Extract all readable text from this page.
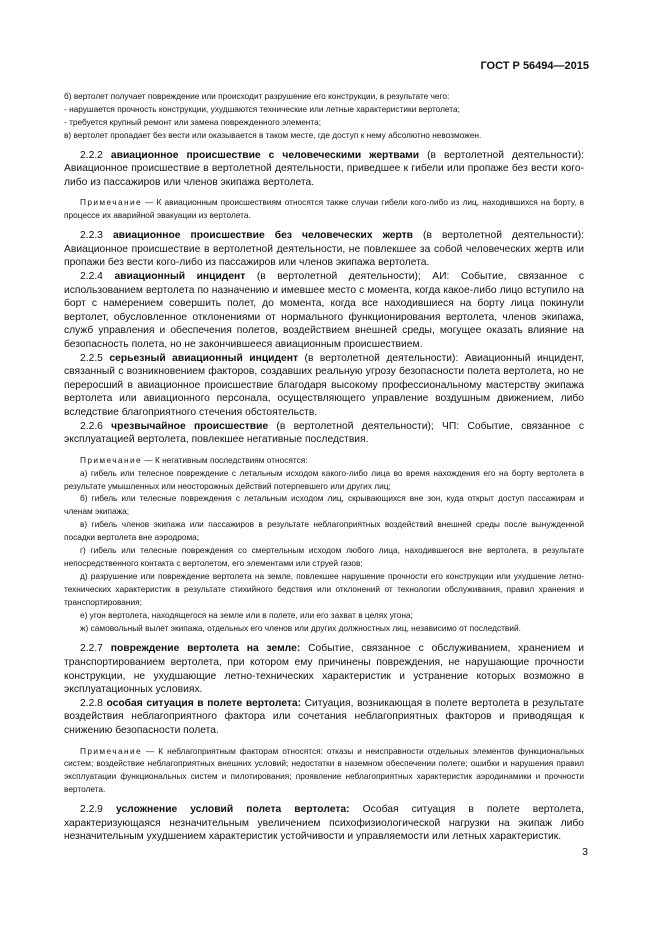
ГОСТ Р 56494—2015

б) вертолет получает повреждение или происходит разрушение его конструкции, в результате чего:

- нарушается прочность конструкции, ухудшаются технические или летные характеристики вертолета;

- требуется крупный ремонт или замена поврежденного элемента;

в) вертолет пропадает без вести или оказывается в таком месте, где доступ к нему абсолютно невозможен.

2.2.2 авиационное происшествие с человеческими жертвами (в вертолетной деятельности): Авиационное происшествие в вертолетной деятельности, приведшее к гибели или пропаже без вести кого-либо из пассажиров или членов экипажа вертолета.

Примечание — К авиационным происшествиям относятся также случаи гибели кого-либо из лиц, находившихся на борту, в процессе их аварийной эвакуации из вертолета.

2.2.3 авиационное происшествие без человеческих жертв (в вертолетной деятельности): Авиационное происшествие в вертолетной деятельности, не повлекшее за собой человеческих жертв или пропажи без вести кого-либо из пассажиров или членов экипажа вертолета.

2.2.4 авиационный инцидент (в вертолетной деятельности); АИ: Событие, связанное с использованием вертолета по назначению и имевшее место с момента, когда какое-либо лицо вступило на борт с намерением совершить полет, до момента, когда все находившиеся на борту лица покинули вертолет, обусловленное отклонениями от нормального функционирования вертолета, членов экипажа, служб управления и обеспечения полетов, воздействием внешней среды, могущее оказать влияние на безопасность полета, но не закончившееся авиационным происшествием.

2.2.5 серьезный авиационный инцидент (в вертолетной деятельности): Авиационный инцидент, связанный с возникновением факторов, создавших реальную угрозу безопасности полета вертолета, но не переросший в авиационное происшествие благодаря высокому профессиональному мастерству экипажа вертолета или авиационного персонала, осуществляющего управление воздушным движением, либо вследствие благоприятного стечения обстоятельств.

2.2.6 чрезвычайное происшествие (в вертолетной деятельности); ЧП: Событие, связанное с эксплуатацией вертолета, повлекшее негативные последствия.

Примечание — К негативным последствиям относятся:

а) гибель или телесное повреждение с летальным исходом какого-либо лица во время нахождения его на борту вертолета в результате умышленных или неосторожных действий потерпевшего или других лиц;

б) гибель или телесные повреждения с летальным исходом лиц, скрывающихся вне зон, куда открыт доступ пассажирам и членам экипажа;

в) гибель членов экипажа или пассажиров в результате неблагоприятных воздействий внешней среды после вынужденной посадки вертолета вне аэродрома;

г) гибель или телесные повреждения со смертельным исходом любого лица, находившегося вне вертолета, в результате непосредственного контакта с вертолетом, его элементами или струей газов;

д) разрушение или повреждение вертолета на земле, повлекшее нарушение прочности его конструкции или ухудшение летно-технических характеристик в результате стихийного бедствия или отклонений от технологии обслуживания, правил хранения и транспортирования;

е) угон вертолета, находящегося на земле или в полете, или его захват в целях угона;

ж) самовольный вылет экипажа, отдельных его членов или других должностных лиц, независимо от последствий.

2.2.7 повреждение вертолета на земле: Событие, связанное с обслуживанием, хранением и транспортированием вертолета, при котором ему причинены повреждения, не нарушающие прочности конструкции, не ухудшающие летно-технических характеристик и устранение которых возможно в эксплуатационных условиях.

2.2.8 особая ситуация в полете вертолета: Ситуация, возникающая в полете вертолета в результате воздействия неблагоприятного фактора или сочетания неблагоприятных факторов и приводящая к снижению безопасности полета.

Примечание — К неблагоприятным факторам относятся: отказы и неисправности отдельных элементов функциональных систем; воздействие неблагоприятных внешних условий; недостатки в наземном обеспечении полете; ошибки и нарушения правил эксплуатации функциональных систем и пилотирования; проявление неблагоприятных характеристик аэродинамики и прочности вертолета.

2.2.9 усложнение условий полета вертолета: Особая ситуация в полете вертолета, характеризующаяся незначительным увеличением психофизиологической нагрузки на экипаж либо незначительным ухудшением характеристик устойчивости и управляемости или летных характеристик.

3
